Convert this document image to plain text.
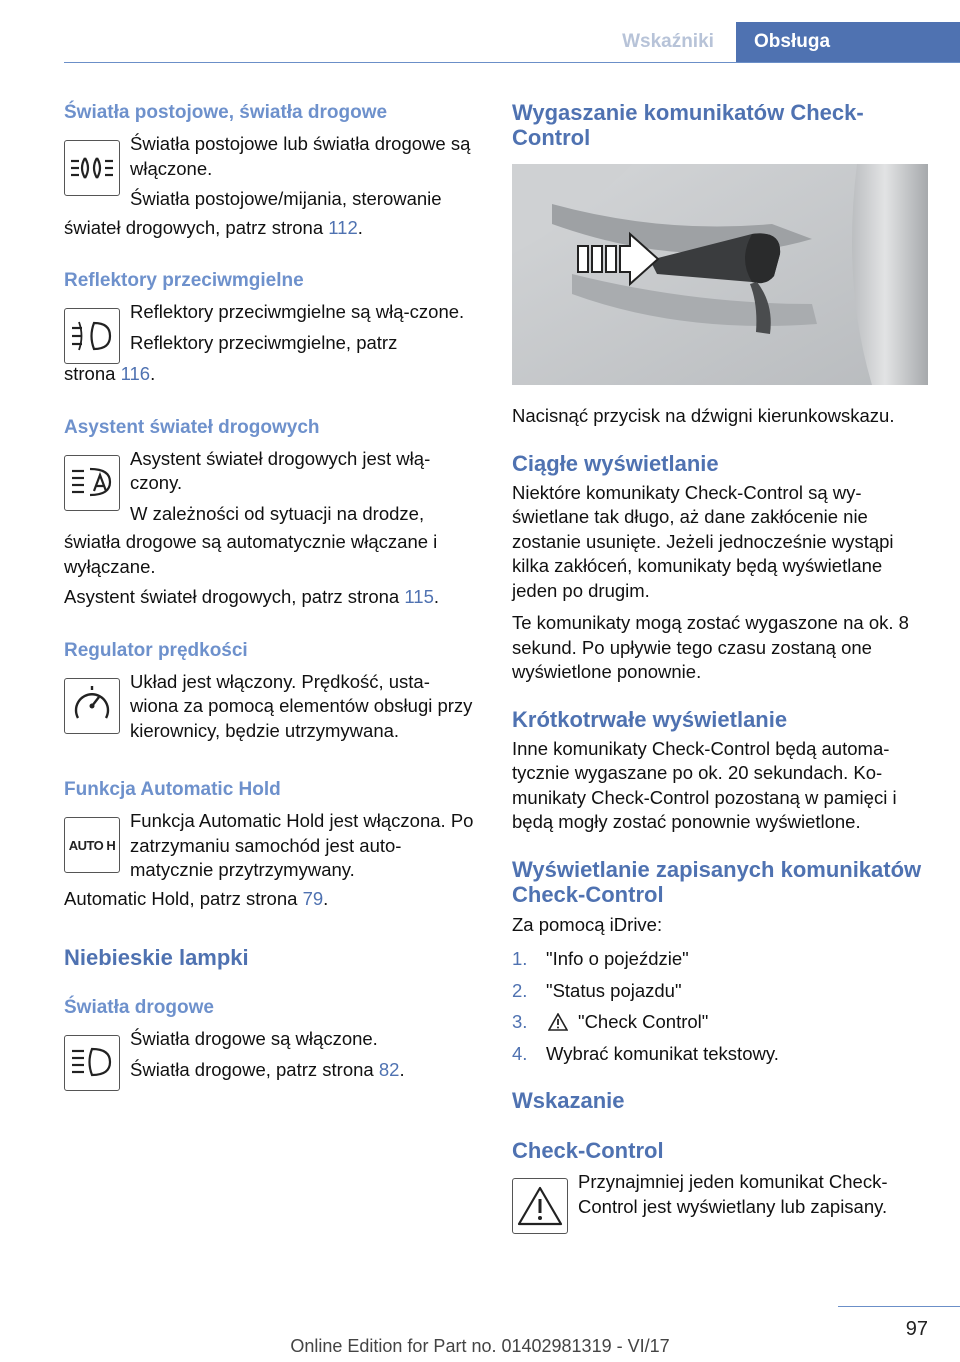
Wskaźniki	Obsługa
Światła postojowe, światła drogowe

Światła postojowe lub światła drogowe są włączone.

Światła postojowe/mijania, sterowanie

świateł drogowych, patrz strona 112.

Reflektory przeciwmgielne

Reflektory przeciwmgielne są włą-czone.

Reflektory przeciwmgielne, patrz

strona 116.

Asystent świateł drogowych

Asystent świateł drogowych jest włą-czony.

W zależności od sytuacji na drodze,

światła drogowe są automatycznie włączane i wyłączane.

Asystent świateł drogowych, patrz strona 115.

Regulator prędkości

Układ jest włączony. Prędkość, usta-wiona za pomocą elementów obsługi przy kierownicy, będzie utrzymywana.

Funkcja Automatic Hold
AUTO H

Funkcja Automatic Hold jest włączona. Po zatrzymaniu samochód jest auto-matycznie przytrzymywany.

Automatic Hold, patrz strona 79.

Niebieskie lampki
Światła drogowe

Światła drogowe są włączone.

Światła drogowe, patrz strona 82.

Wygaszanie komunikatów Check-Control

Nacisnąć przycisk na dźwigni kierunkowskazu.

Ciągłe wyświetlanie

Niektóre komunikaty Check-Control są wy-świetlane tak długo, aż dane zakłócenie nie zostanie usunięte. Jeżeli jednocześnie wystąpi kilka zakłóceń, komunikaty będą wyświetlane jeden po drugim.

Te komunikaty mogą zostać wygaszone na ok. 8 sekund. Po upływie tego czasu zostaną one wyświetlone ponownie.

Krótkotrwałe wyświetlanie

Inne komunikaty Check-Control będą automa-tycznie wygaszane po ok. 20 sekundach. Ko-munikaty Check-Control pozostaną w pamięci i będą mogły zostać ponownie wyświetlone.

Wyświetlanie zapisanych komunikatów Check-Control

Za pomocą iDrive:

1.	"Info o pojeździe"
2.	"Status pojazdu"
3.	"Check Control"
4.	Wybrać komunikat tekstowy.
Wskazanie
Check-Control

Przynajmniej jeden komunikat Check-Control jest wyświetlany lub zapisany.

97
Online Edition for Part no. 01402981319 - VI/17
